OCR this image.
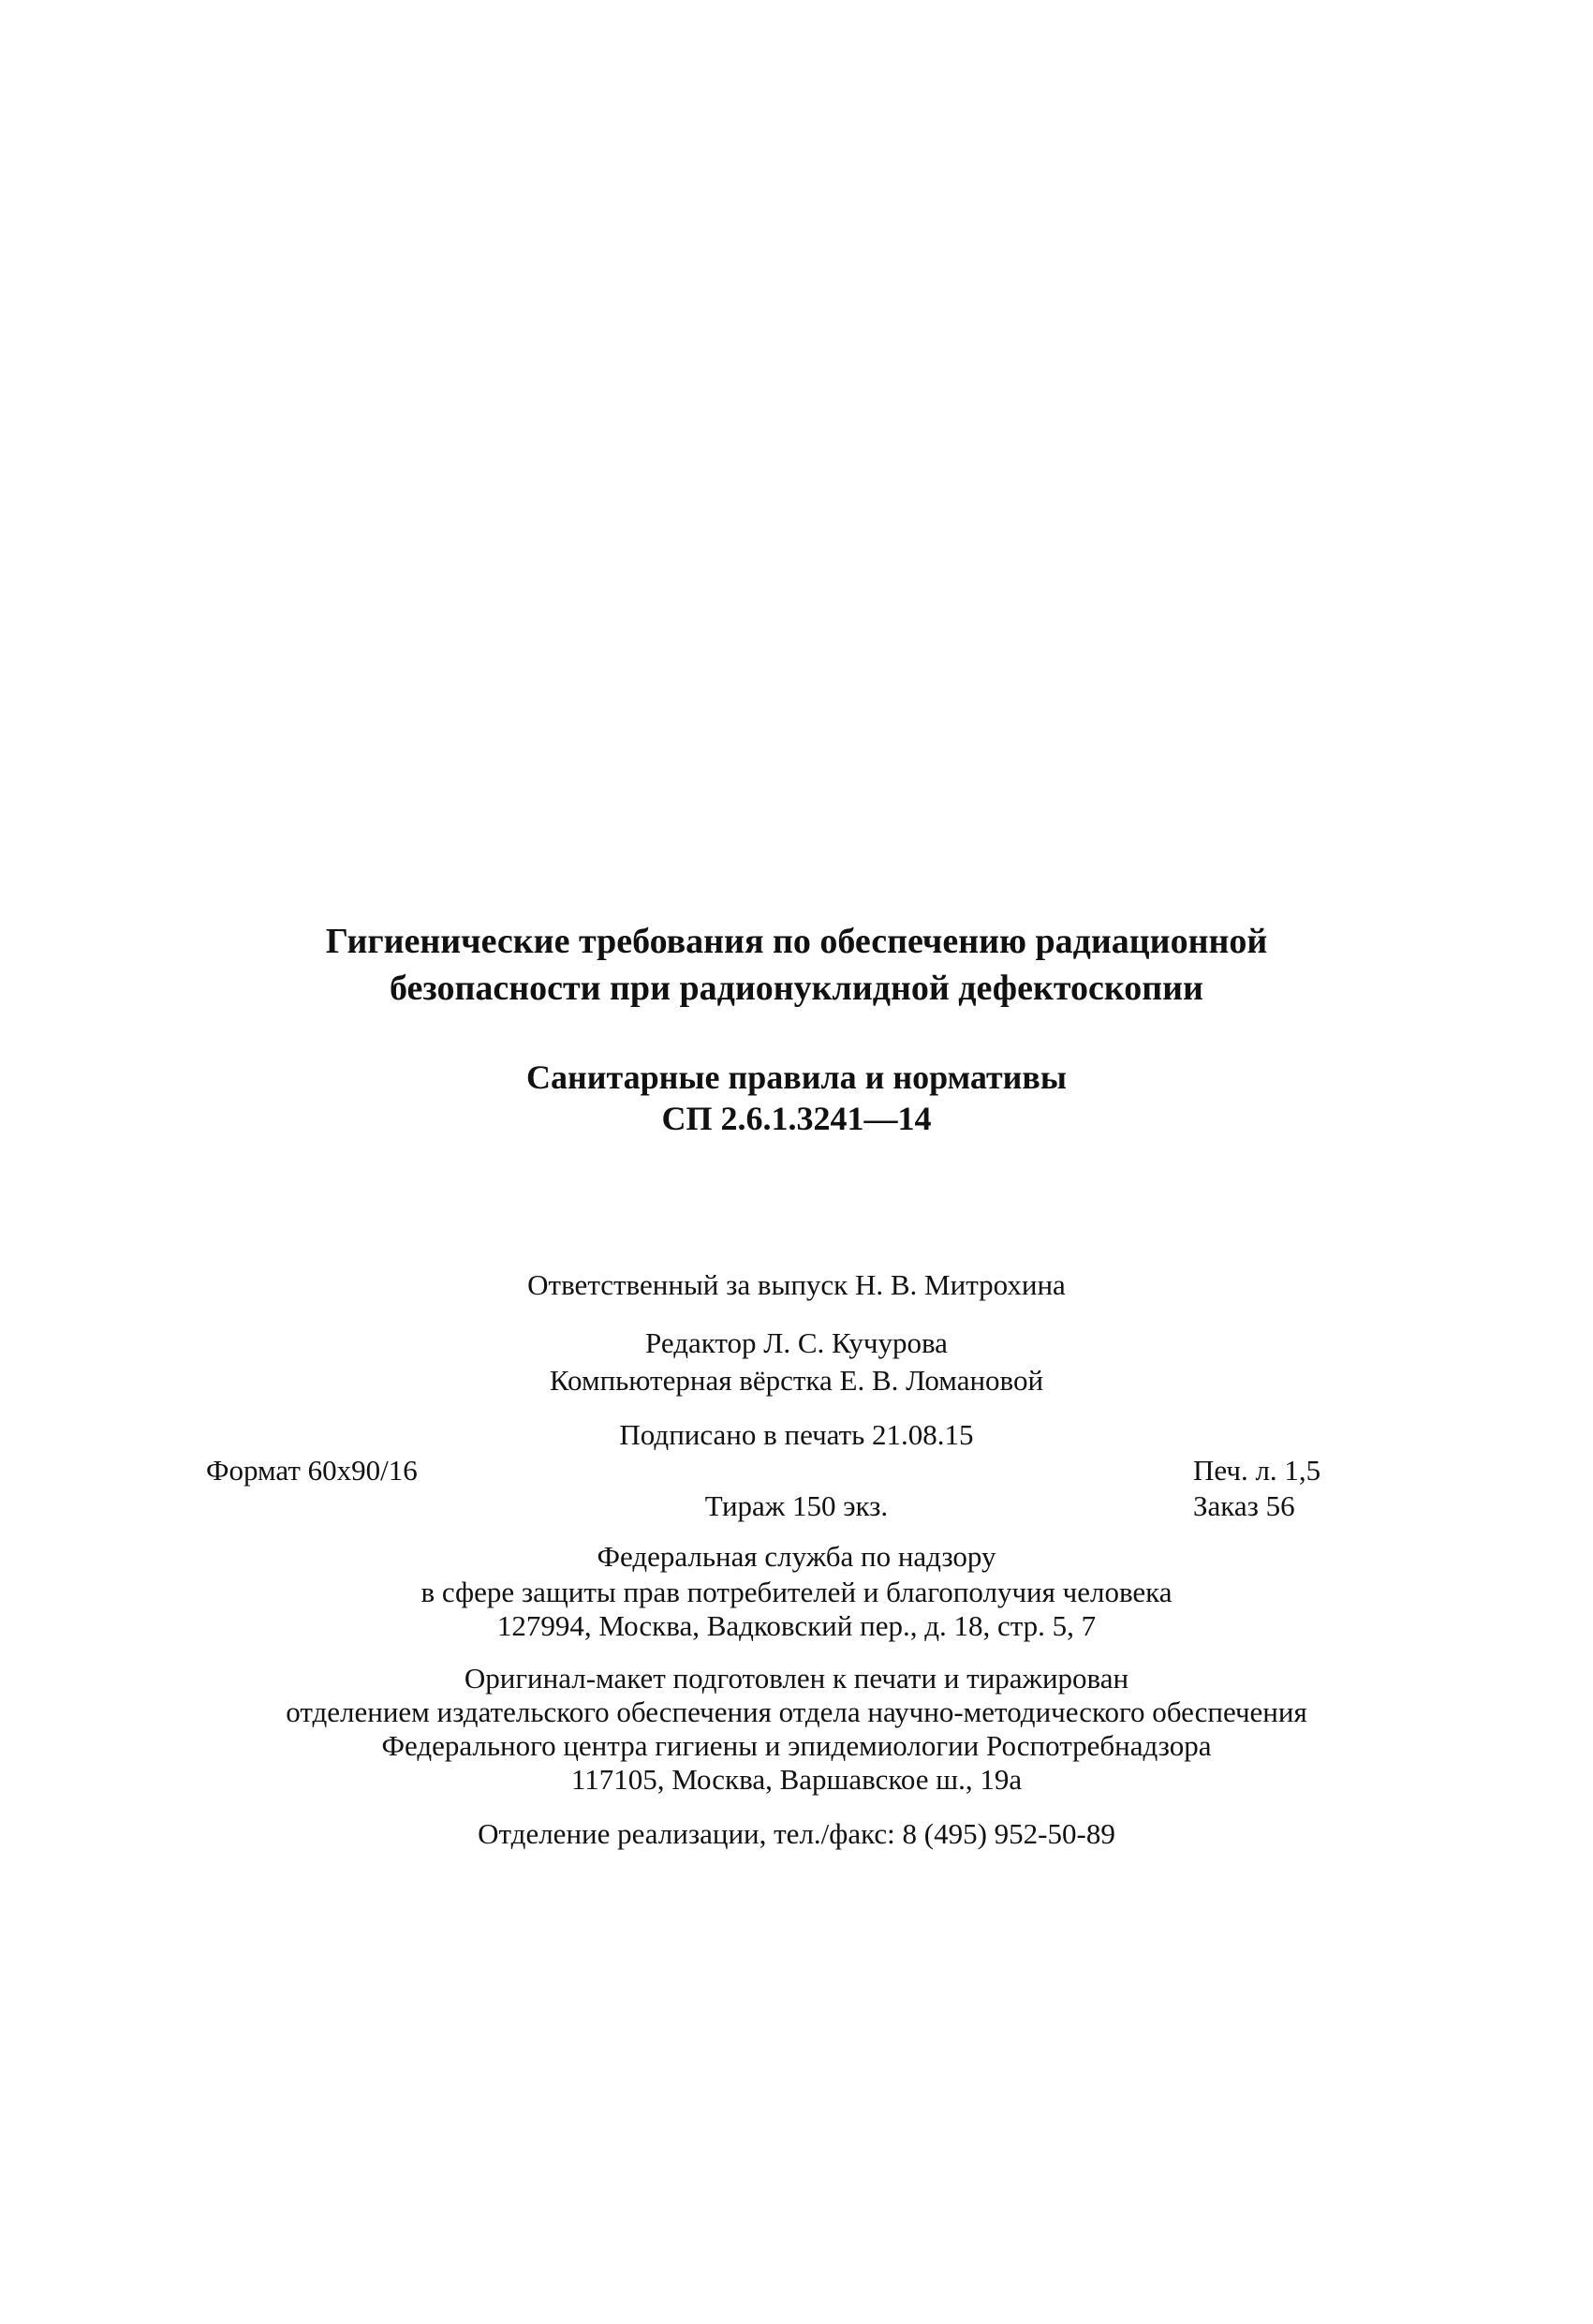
Гигиенические требования по обеспечению радиационной
безопасности при радионуклидной дефектоскопии
Санитарные правила и нормативы
СП 2.6.1.3241—14
Ответственный за выпуск Н. В. Митрохина
Редактор Л. С. Кучурова
Компьютерная вёрстка Е. В. Ломановой
Подписано в печать 21.08.15
Формат 60x90/16	Печ. л. 1,5
Тираж 150 экз.	Заказ 56
Федеральная служба по надзору
в сфере защиты прав потребителей и благополучия человека
127994, Москва, Вадковский пер., д. 18, стр. 5, 7
Оригинал-макет подготовлен к печати и тиражирован
отделением издательского обеспечения отдела научно-методического обеспечения
Федерального центра гигиены и эпидемиологии Роспотребнадзора
117105, Москва, Варшавское ш., 19а
Отделение реализации, тел./факс: 8 (495) 952-50-89
